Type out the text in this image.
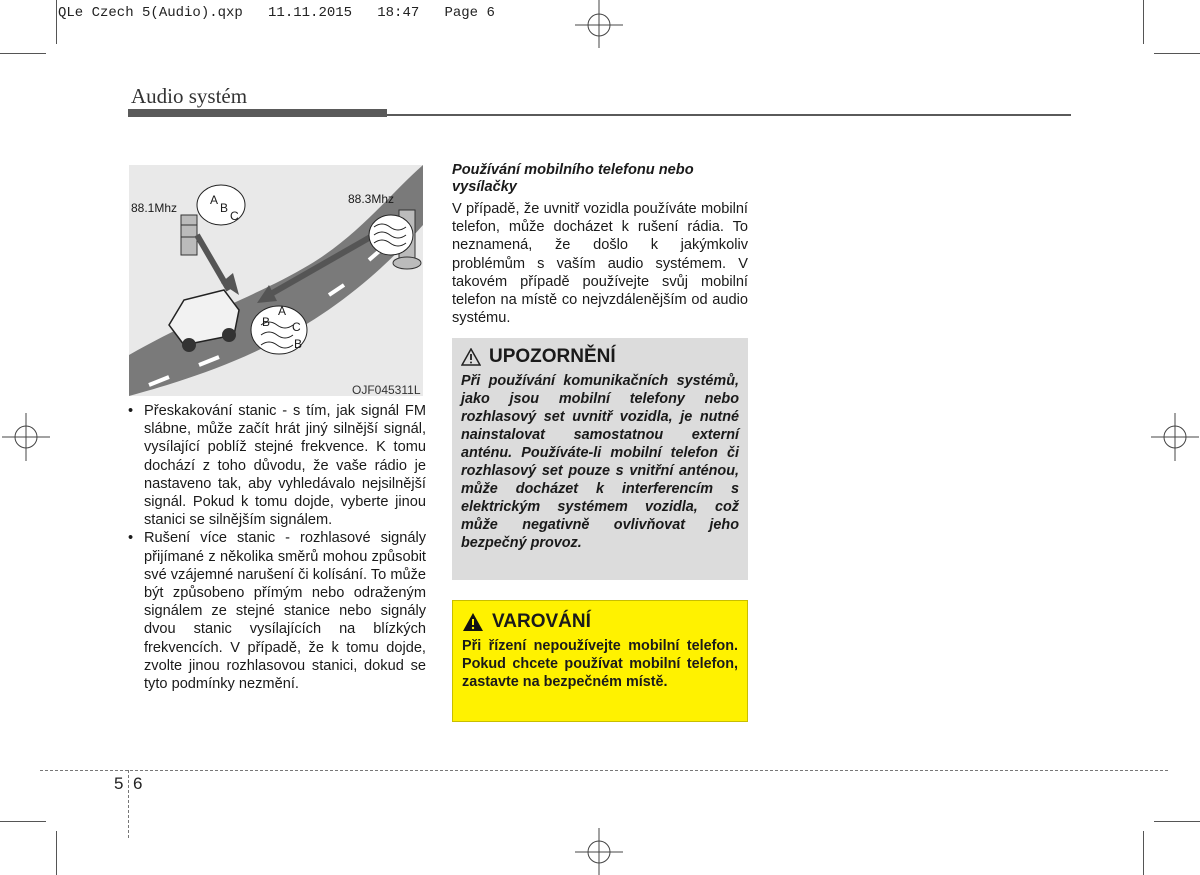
QLe Czech 5(Audio).qxp   11.11.2015   18:47   Page 6
Audio systém
88.1Mhz
88.3Mhz
A
B
C
A
B C
B
OJF045311L
• Přeskakování stanic - s tím, jak signál FM slábne, může začít hrát jiný silnější signál, vysílající poblíž stejné frekvence. K tomu dochází z toho důvodu, že vaše rádio je nastaveno tak, aby vyhledávalo nejsilnější signál. Pokud k tomu dojde, vyberte jinou stanici se silnějším signálem.
• Rušení více stanic - rozhlasové signály přijímané z několika směrů mohou způsobit své vzájemné narušení či kolísání. To může být způsobeno přímým nebo odraženým signálem ze stejné stanice nebo signály dvou stanic vysílajících na blízkých frekvencích. V případě, že k tomu dojde, zvolte jinou rozhlasovou stanici, dokud se tyto podmínky nezmění.
Používání mobilního telefonu nebo vysílačky
V případě, že uvnitř vozidla používáte mobilní telefon, může docházet k rušení rádia. To neznamená, že došlo k jakýmkoliv problémům s vaším audio systémem. V takovém případě používejte svůj mobilní telefon na místě co nejvzdálenějším od audio systému.
UPOZORNĚNÍ
Při používání komunikačních systémů, jako jsou mobilní telefony nebo rozhlasový set uvnitř vozidla, je nutné nainstalovat samostatnou externí anténu. Používáte-li mobilní telefon či rozhlasový set pouze s vnitřní anténou, může docházet k interferencím s elektrickým systémem vozidla, což může negativně ovlivňovat jeho bezpečný provoz.
VAROVÁNÍ
Při řízení nepoužívejte mobilní telefon. Pokud chcete používat mobilní telefon, zastavte na bezpečném místě.
5 6
